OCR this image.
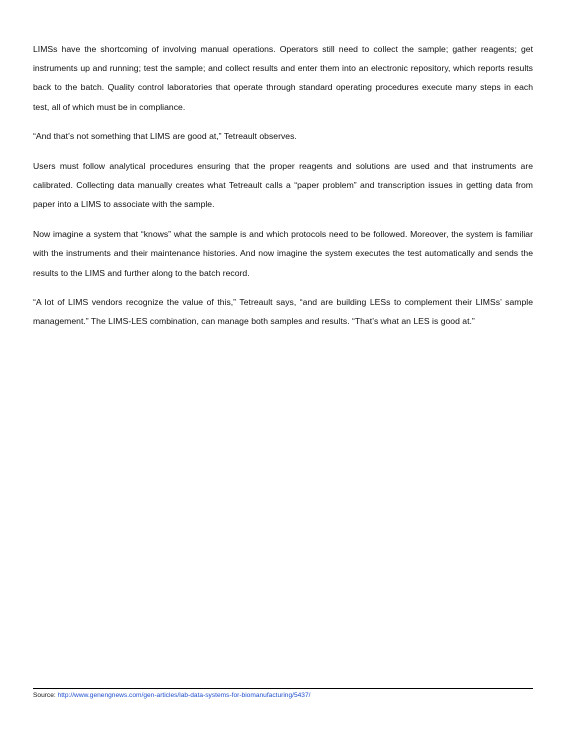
LIMSs have the shortcoming of involving manual operations. Operators still need to collect the sample; gather reagents; get instruments up and running; test the sample; and collect results and enter them into an electronic repository, which reports results back to the batch. Quality control laboratories that operate through standard operating procedures execute many steps in each test, all of which must be in compliance.

“And that’s not something that LIMS are good at,” Tetreault observes.

Users must follow analytical procedures ensuring that the proper reagents and solutions are used and that instruments are calibrated. Collecting data manually creates what Tetreault calls a “paper problem” and transcription issues in getting data from paper into a LIMS to associate with the sample.

Now imagine a system that “knows” what the sample is and which protocols need to be followed. Moreover, the system is familiar with the instruments and their maintenance histories. And now imagine the system executes the test automatically and sends the results to the LIMS and further along to the batch record.

“A lot of LIMS vendors recognize the value of this,” Tetreault says, “and are building LESs to complement their LIMSs’ sample management.” The LIMS-LES combination, can manage both samples and results. “That’s what an LES is good at.”

Source: http://www.genengnews.com/gen-articles/lab-data-systems-for-biomanufacturing/5437/
